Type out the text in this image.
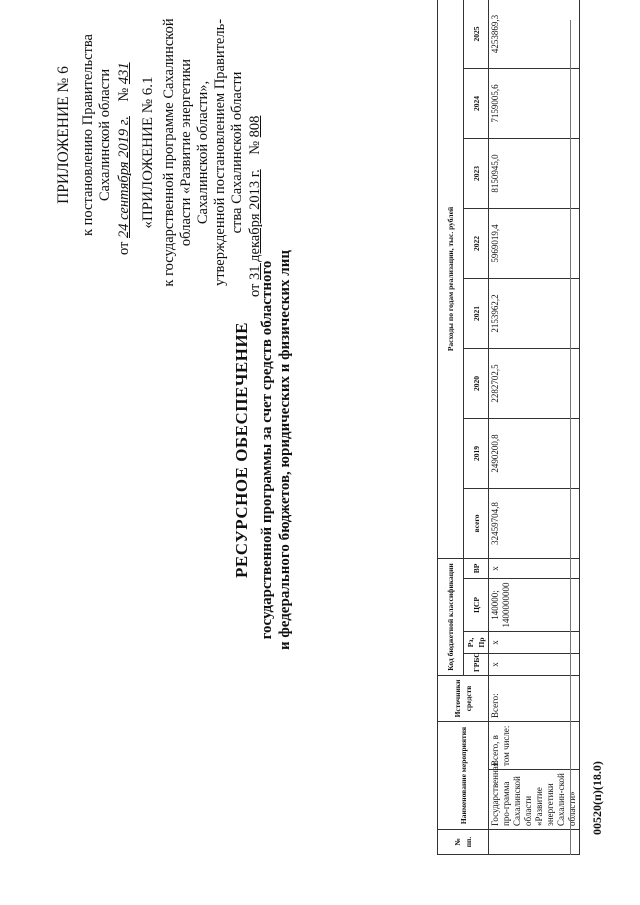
ПРИЛОЖЕНИЕ № 6 к постановлению Правительства Сахалинской области
от 24 сентября 2019 г.    № 431
«ПРИЛОЖЕНИЕ № 6.1 к государственной программе Сахалинской области «Развитие энергетики Сахалинской области», утвержденной постановлением Правитель- ства Сахалинской области
от 31 декабря 2013 г.    № 808
РЕСУРСНОЕ ОБЕСПЕЧЕНИЕ государственной программы за счет средств областного и федерального бюджетов, юридических и физических лиц
№ пп.	Наименование мероприятия		Источники средств	Код бюджетной классификации				Расходы по годам реализации, тыс. рублей							
				ГРБС	Рз, Пр	ЦСР	ВР	всего	2019	2020	2021	2022	2023	2024	2025
	Государственная про-грамма Сахалинской области «Развитие энергетики Сахалин-ской области»	Всего, в том числе:	Всего:	х	х	140000; 1400000000	х	32459704,8	2490200,8	2282702,5	2153962,2	5969019,4	8150945,0	7159005,6	4253869,3
00520(п)(18.0)
